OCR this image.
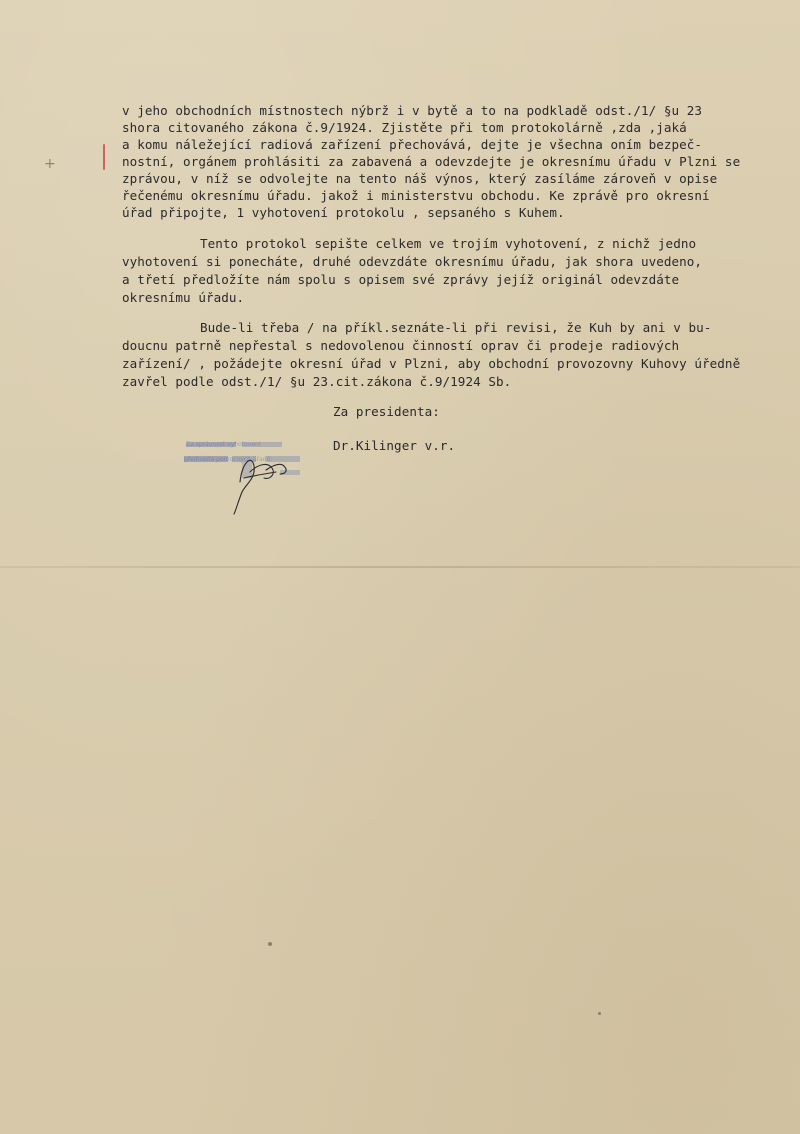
+

v jeho obchodních místnostech nýbrž i v bytě a to na podkladě odst./1/ §u 23

shora citovaného zákona č.9/1924. Zjistěte při tom protokolárně ,zda ,jaká

a komu náležející radiová zařízení přechovává, dejte je všechna oním bezpeč-

nostní, orgánem prohlásiti za zabavená a odevzdejte je okresnímu úřadu v Plzni se

zprávou, v níž se odvolejte na tento náš výnos, který zasíláme zároveň v opise

řečenému okresnímu úřadu. jakož i ministerstvu obchodu. Ke zprávě pro okresní

úřad připojte, 1 vyhotovení protokolu , sepsaného s Kuhem.

Tento protokol sepište celkem ve trojím vyhotovení, z nichž jedno

vyhotovení si ponecháte, druhé odevzdáte okresnímu úřadu, jak shora uvedeno,

a třetí předložíte nám spolu s opisem své zprávy jejíž originál odevzdáte

okresnímu úřadu.

Bude-li třeba / na příkl.seznáte-li při revisi, že Kuh by ani v bu-

doucnu patrně nepřestal s nedovolenou činností oprav či prodeje radiových

zařízení/ , požádejte okresní úřad v Plzni, aby obchodní provozovny Kuhovy úředně

zavřel podle odst./1/ §u 23.cit.zákona č.9/1924 Sb.

Za presidenta:
Dr.Kilinger v.r.
Za správnost vyhotovení
přednosta pomocných úřadů:
